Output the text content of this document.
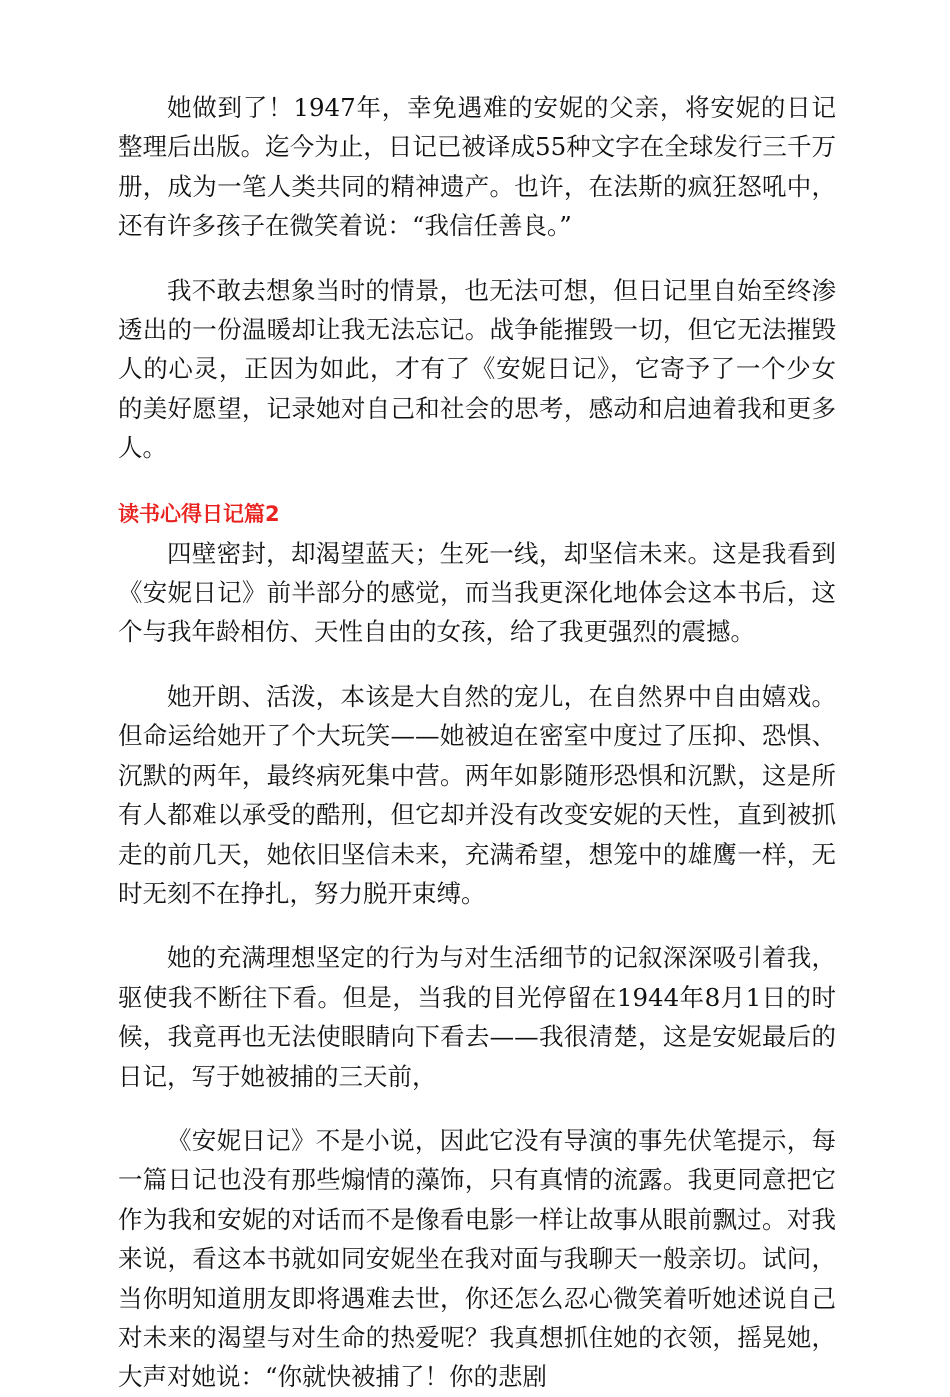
她做到了！1947年，幸免遇难的安妮的父亲，将安妮的日记整理后出版。迄今为止，日记已被译成55种文字在全球发行三千万册，成为一笔人类共同的精神遗产。也许，在法斯的疯狂怒吼中，还有许多孩子在微笑着说：“我信任善良。”

我不敢去想象当时的情景，也无法可想，但日记里自始至终渗透出的一份温暖却让我无法忘记。战争能摧毁一切，但它无法摧毁人的心灵，正因为如此，才有了《安妮日记》，它寄予了一个少女的美好愿望，记录她对自己和社会的思考，感动和启迪着我和更多人。

读书心得日记篇2

四壁密封，却渴望蓝天；生死一线，却坚信未来。这是我看到《安妮日记》前半部分的感觉，而当我更深化地体会这本书后，这个与我年龄相仿、天性自由的女孩，给了我更强烈的震撼。

她开朗、活泼，本该是大自然的宠儿，在自然界中自由嬉戏。但命运给她开了个大玩笑——她被迫在密室中度过了压抑、恐惧、沉默的两年，最终病死集中营。两年如影随形恐惧和沉默，这是所有人都难以承受的酷刑，但它却并没有改变安妮的天性，直到被抓走的前几天，她依旧坚信未来，充满希望，想笼中的雄鹰一样，无时无刻不在挣扎，努力脱开束缚。

她的充满理想坚定的行为与对生活细节的记叙深深吸引着我，驱使我不断往下看。但是，当我的目光停留在1944年8月1日的时候，我竟再也无法使眼睛向下看去——我很清楚，这是安妮最后的日记，写于她被捕的三天前，

《安妮日记》不是小说，因此它没有导演的事先伏笔提示，每一篇日记也没有那些煽情的藻饰，只有真情的流露。我更同意把它作为我和安妮的对话而不是像看电影一样让故事从眼前飘过。对我来说，看这本书就如同安妮坐在我对面与我聊天一般亲切。试问，当你明知道朋友即将遇难去世，你还怎么忍心微笑着听她述说自己对未来的渴望与对生命的热爱呢？我真想抓住她的衣领，摇晃她，大声对她说：“你就快被捕了！你的悲剧
